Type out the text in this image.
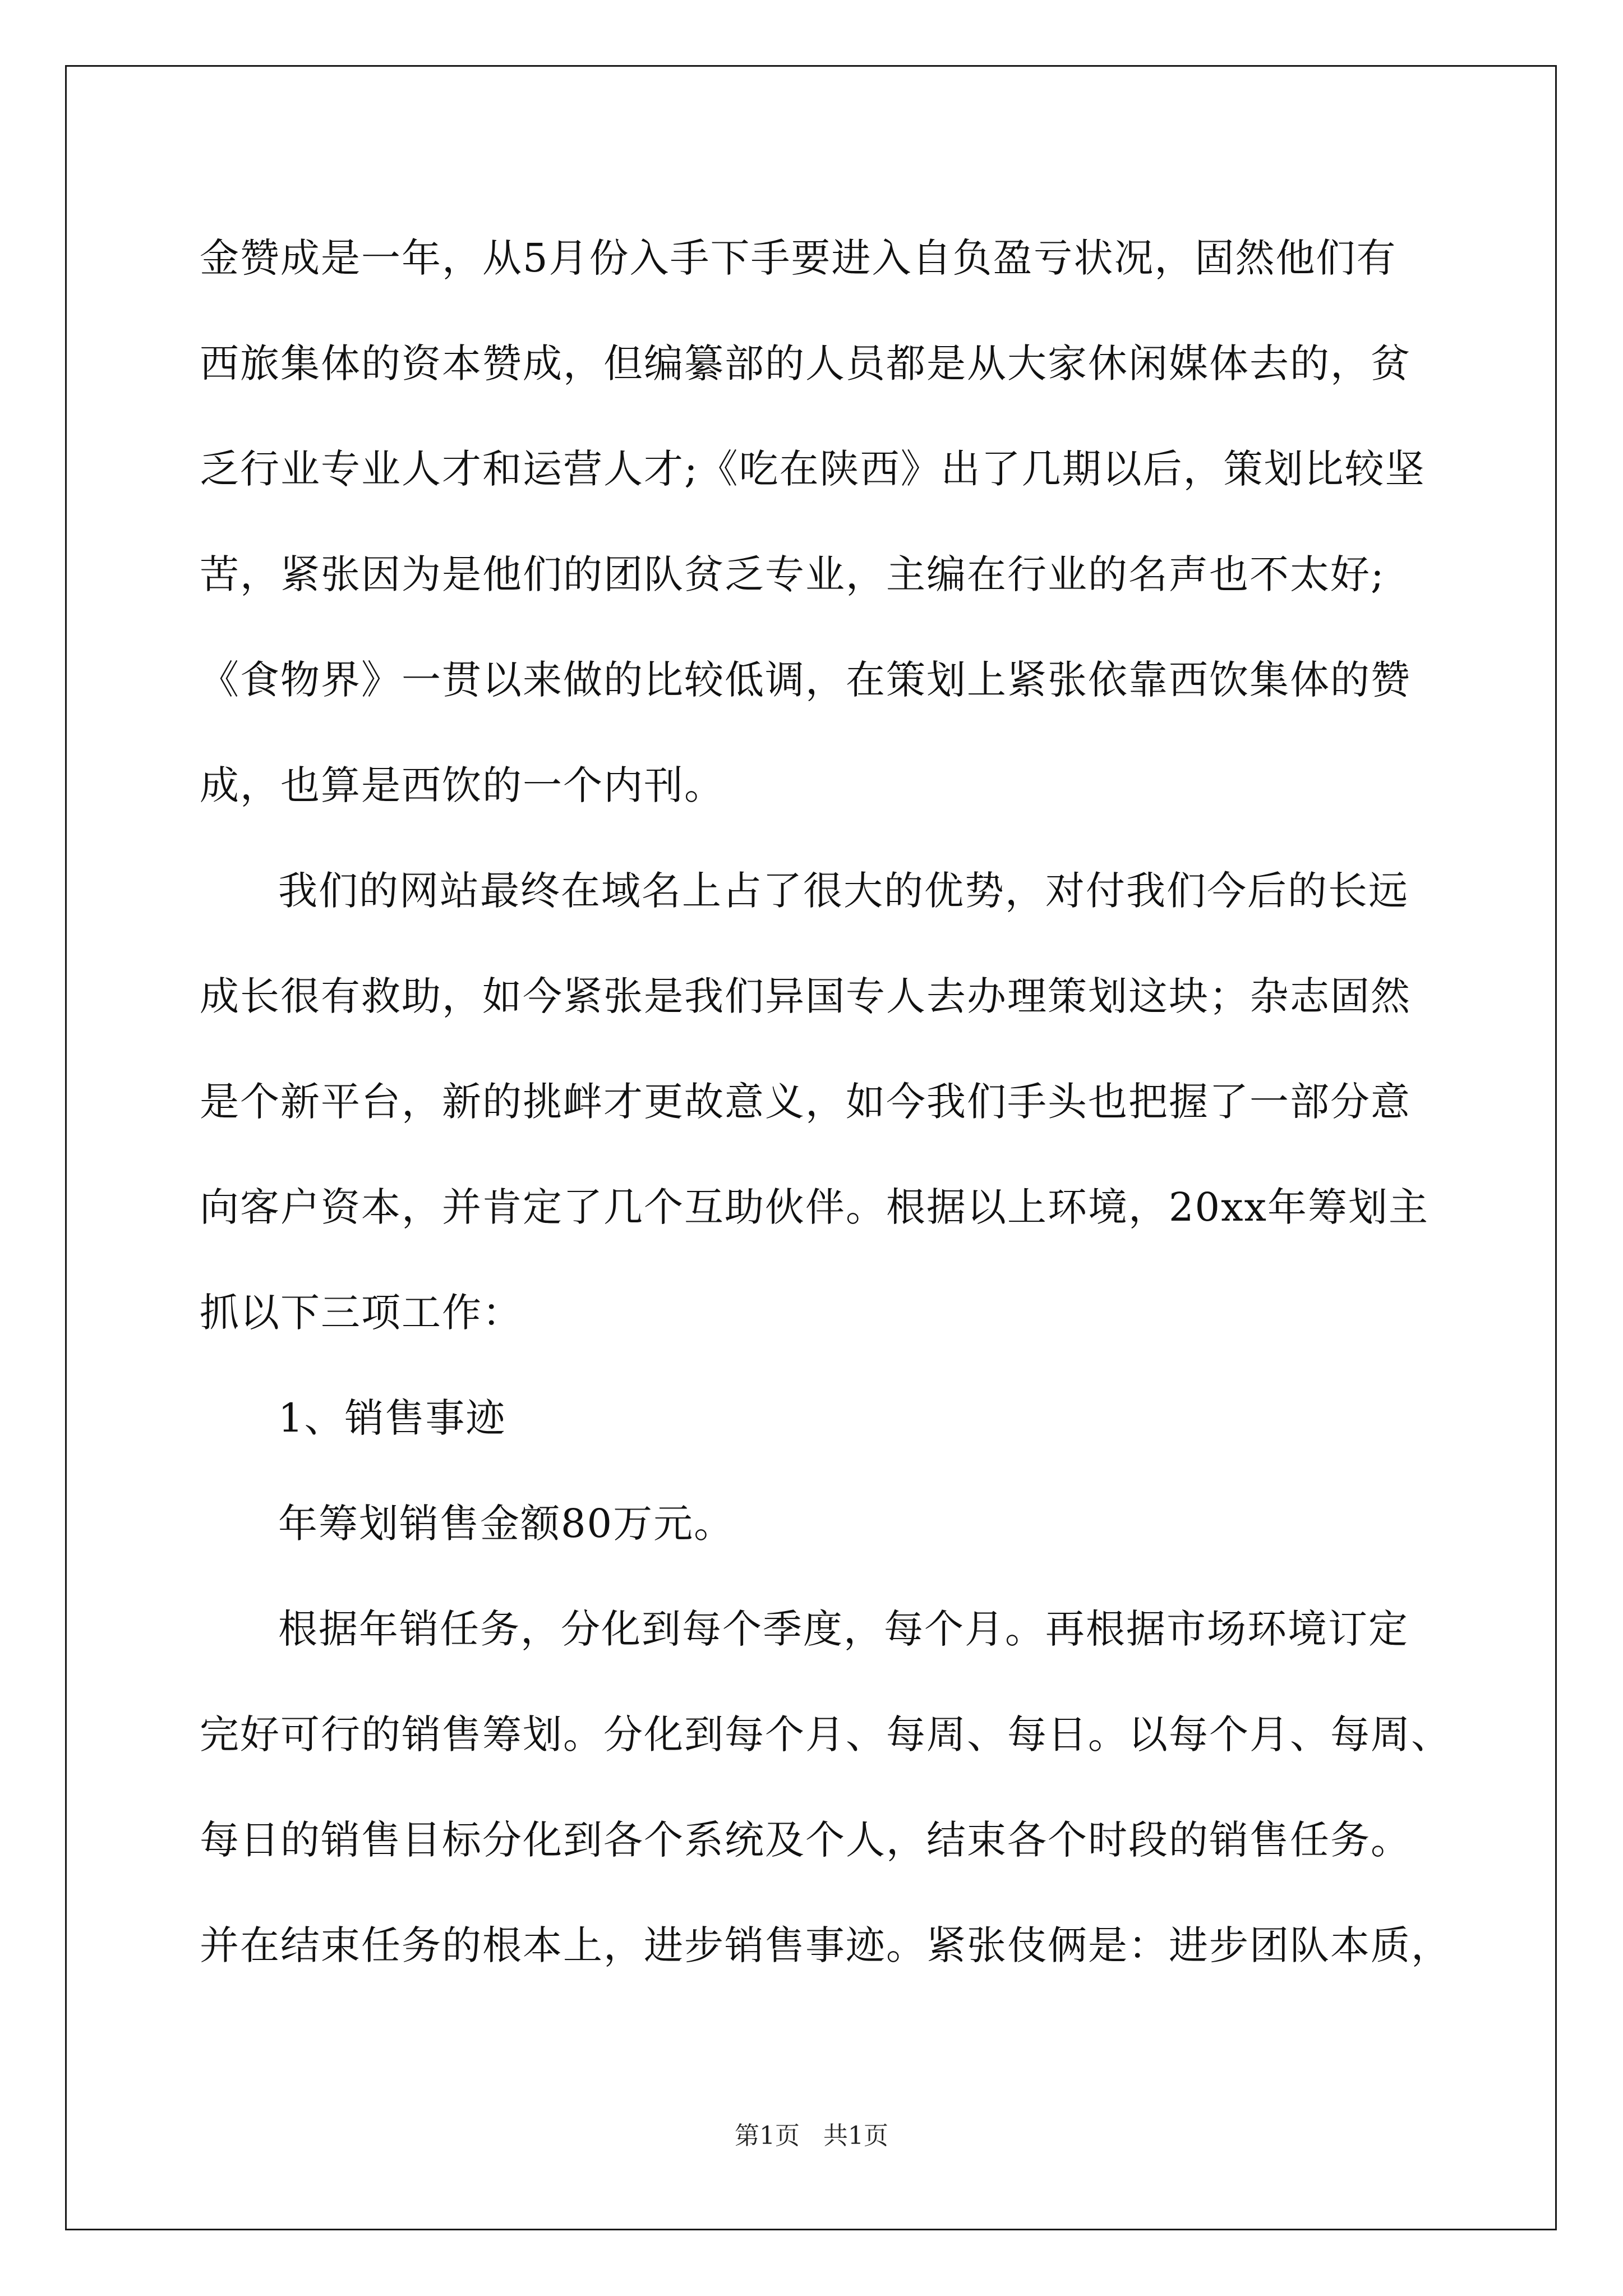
金赞成是一年，从5月份入手下手要进入自负盈亏状况，固然他们有
西旅集体的资本赞成，但编纂部的人员都是从大家休闲媒体去的，贫
乏行业专业人才和运营人才;《吃在陕西》出了几期以后，策划比较坚
苦，紧张因为是他们的团队贫乏专业，主编在行业的名声也不太好;
《食物界》一贯以来做的比较低调，在策划上紧张依靠西饮集体的赞
成，也算是西饮的一个内刊。
我们的网站最终在域名上占了很大的优势，对付我们今后的长远
成长很有救助，如今紧张是我们异国专人去办理策划这块；杂志固然
是个新平台，新的挑衅才更故意义，如今我们手头也把握了一部分意
向客户资本，并肯定了几个互助伙伴。根据以上环境，20xx年筹划主
抓以下三项工作：
1、销售事迹
年筹划销售金额80万元。
根据年销任务，分化到每个季度，每个月。再根据市场环境订定
完好可行的销售筹划。分化到每个月、每周、每日。以每个月、每周、
每日的销售目标分化到各个系统及个人，结束各个时段的销售任务。
并在结束任务的根本上，进步销售事迹。紧张伎俩是：进步团队本质，
第1页 共1页
